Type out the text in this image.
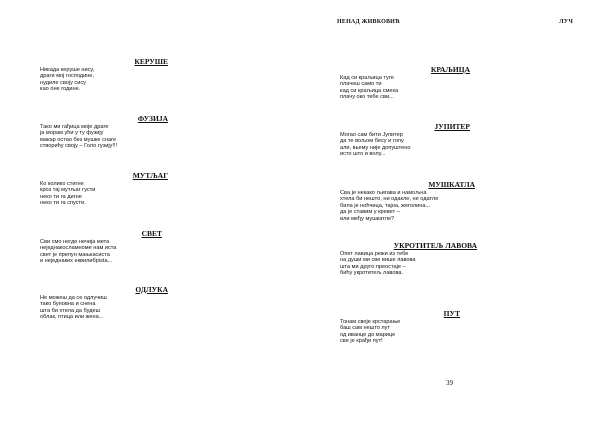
КЕРУШЕ
Никада керуше нису,
драги мој господине,
нудиле своју сису
као оне године.
ФУЗИЈА
Тако ми гађица моје драге
ја морам ући у ту фузију
макар остао без мушке снаге
створићу своју – Голо гузију!!!
МУТЉАГ
Ко колико стигне
кроз тај мутљаг густи
неко ти га дигне
неко ти га спусти.
СВЕТ
Сви смо негде нечија мета
неједнакосламноме нам иста
свет је препун мањкасиста
и неједнаких еквилибрista...
ОДЛУКА
Не можеш да се одлучиш
тако буновна и снена
шта би хтела да будеш
облак, птица или жена...
НЕНАД ЖИВКОВИЋ	ЛУЧ
КРАЉИЦА
Кад си краљица туге
плачеш само ти
кад си краљица смеха
плачу око тебе сви...
ЈУПИТЕР
Могао сам бити Јупитер
да те вољом бесу и голу
али, вьему није допуштено
исто што и волу...
МУШКАТЛА
Сва је некако љигава и намољна
хтела би нешто, ни одакле, не одатле
била је ноћчица, тајна, жеголина...
да је ставим у кревет –
или међу мушкатле?
УКРОТИТЕЉ ЛАВОВА
Опет лавица режи из тебе
на души ми све више лавова
шта ми друго преостаје –
бићу укротитељ лавова.
ПУТ
Тонам своје крстарање
баш сам нешто лут
од иванце до марице
све је крађи пут!
39
